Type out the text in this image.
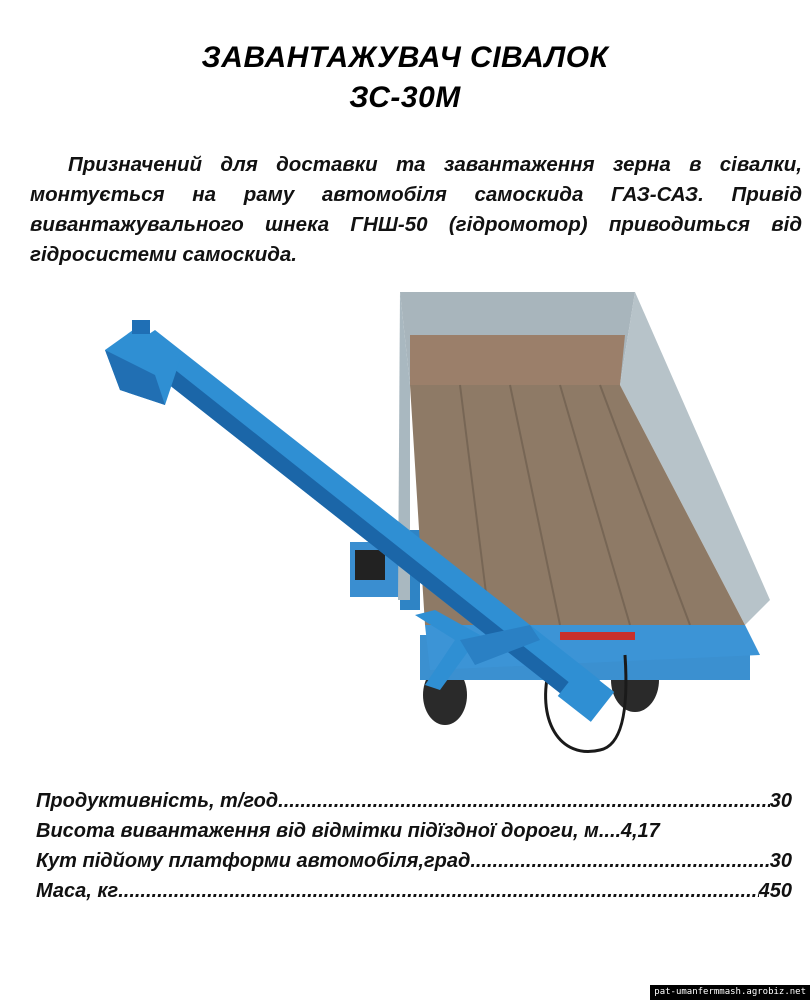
ЗАВАНТАЖУВАЧ СІВАЛОК
ЗС-30М

Призначений для доставки та завантаження зерна в сівалки, монтується на раму автомобіля самоскида ГАЗ-САЗ. Привід вивантажувального шнека ГНШ-50 (гідромотор) приводиться від гідросистеми самоскида.

Продуктивність, т/год .....	30
Висота вивантаження від відмітки підїздної дороги, м ..... 4,17
Кут підйому платформи автомобіля,град .....	30
Маса, кг .....	450
pat-umanfermmash.agrobiz.net
